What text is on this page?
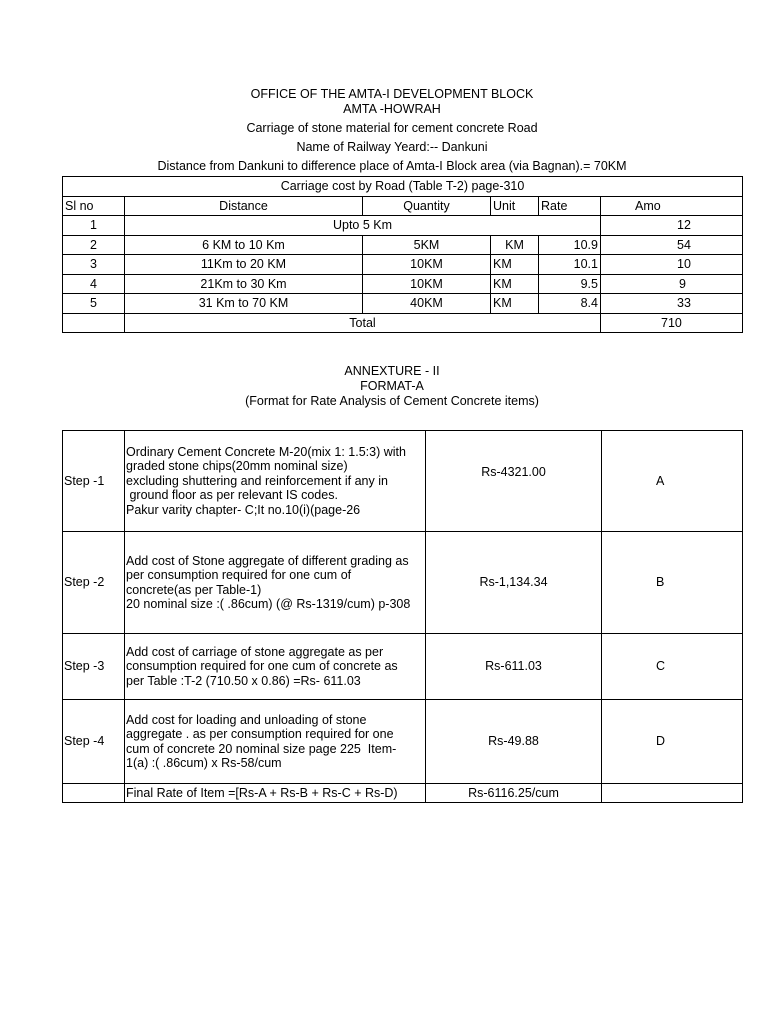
OFFICE OF THE AMTA-I DEVELOPMENT BLOCK
AMTA -HOWRAH
Carriage of stone material for cement concrete Road
Name of Railway Yeard:-- Dankuni
Distance from Dankuni to difference place of Amta-I Block area (via Bagnan).= 70KM
Carriage cost by Road (Table T-2) page-310					
Sl no	Distance	Quantity	Unit	Rate	Amo
1	Upto 5 Km				12
2	6 KM to 10 Km	5KM	KM	10.9	54
3	11Km to 20 KM	10KM	KM	10.1	10
4	21Km to 30 Km	10KM	KM	9.5	9
5	31 Km to 70 KM	40KM	KM	8.4	33
	Total				710
ANNEXTURE - II
FORMAT-A
(Format for Rate Analysis of Cement Concrete items)
Step -1	Ordinary Cement Concrete M-20(mix 1: 1.5:3) with
graded stone chips(20mm nominal size)
excluding shuttering and reinforcement if any in
ground floor as per relevant IS codes.
Pakur varity chapter- C;It no.10(i)(page-26	Rs-4321.00	A
Step -2	Add cost of Stone aggregate of different grading as
per consumption required for one cum of
concrete(as per Table-1)
20 nominal size :( .86cum) (@ Rs-1319/cum) p-308	Rs-1,134.34	B
Step -3	Add cost of carriage of stone aggregate as per
consumption required for one cum of concrete as
per Table :T-2 (710.50 x 0.86) =Rs- 611.03	Rs-611.03	C
Step -4	Add cost for loading and unloading of stone
aggregate . as per consumption required for one
cum of concrete 20 nominal size page 225  Item-
1(a) :( .86cum) x Rs-58/cum	Rs-49.88	D
	Final Rate of Item =[Rs-A + Rs-B + Rs-C + Rs-D)	Rs-6116.25/cum	
